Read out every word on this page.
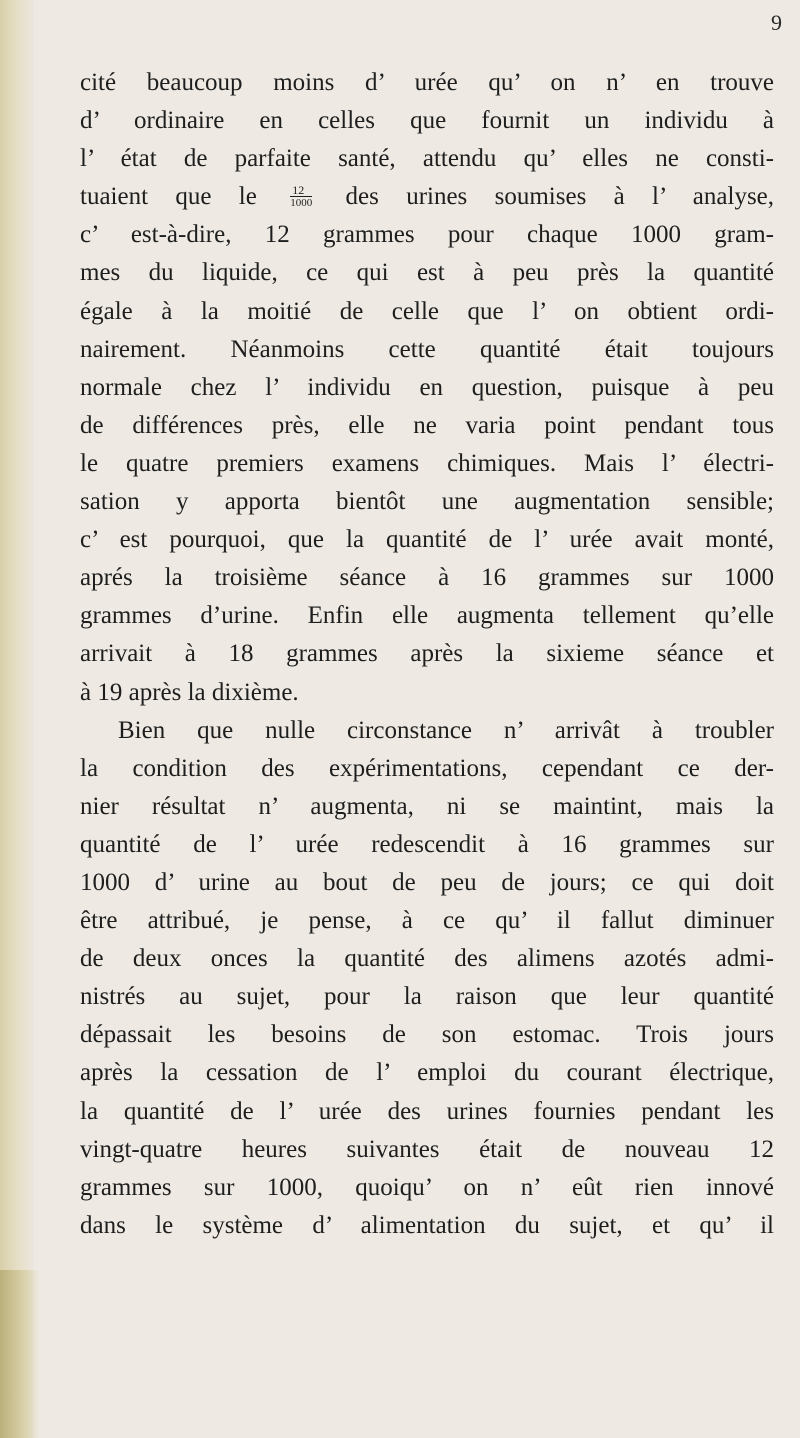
9
cité beaucoup moins d’ urée qu’ on n’ en trouve
d’ ordinaire en celles que fournit un individu à
l’ état de parfaite santé, attendu qu’ elles ne consti-
tuaient que le	$\frac{12}{1000}$ des urines soumises à l’ analyse,
c’ est-à-dire, 12 grammes pour chaque 1000 gram-
mes du liquide, ce qui est à peu près la quantité
égale à la moitié de celle que l’ on obtient ordi-
nairement. Néanmoins cette quantité était toujours
normale chez l’ individu en question, puisque à peu
de différences près, elle ne varia point pendant tous
le quatre premiers examens chimiques. Mais l’ électri-
sation y apporta bientôt une augmentation sensible;
c’ est pourquoi, que la quantité de l’ urée avait monté,
aprés la troisième séance à 16 grammes sur 1000
grammes d’urine. Enfin elle augmenta tellement qu’elle
arrivait à 18 grammes après la sixieme séance et
à 19 après la dixième.
Bien que nulle circonstance n’ arrivât à troubler
la condition des expérimentations, cependant ce der-
nier résultat n’ augmenta, ni se maintint, mais la
quantité de l’ urée redescendit à 16 grammes sur
1000 d’ urine au bout de peu de jours; ce qui doit
être attribué, je pense, à ce qu’ il fallut diminuer
de deux onces la quantité des alimens azotés admi-
nistrés au sujet, pour la raison que leur quantité
dépassait les besoins de son estomac. Trois jours
après la cessation de l’ emploi du courant électrique,
la quantité de l’ urée des urines fournies pendant les
vingt-quatre heures suivantes était de nouveau 12
grammes sur 1000, quoiqu’ on n’ eût rien innové
dans le système d’ alimentation du sujet, et qu’ il
